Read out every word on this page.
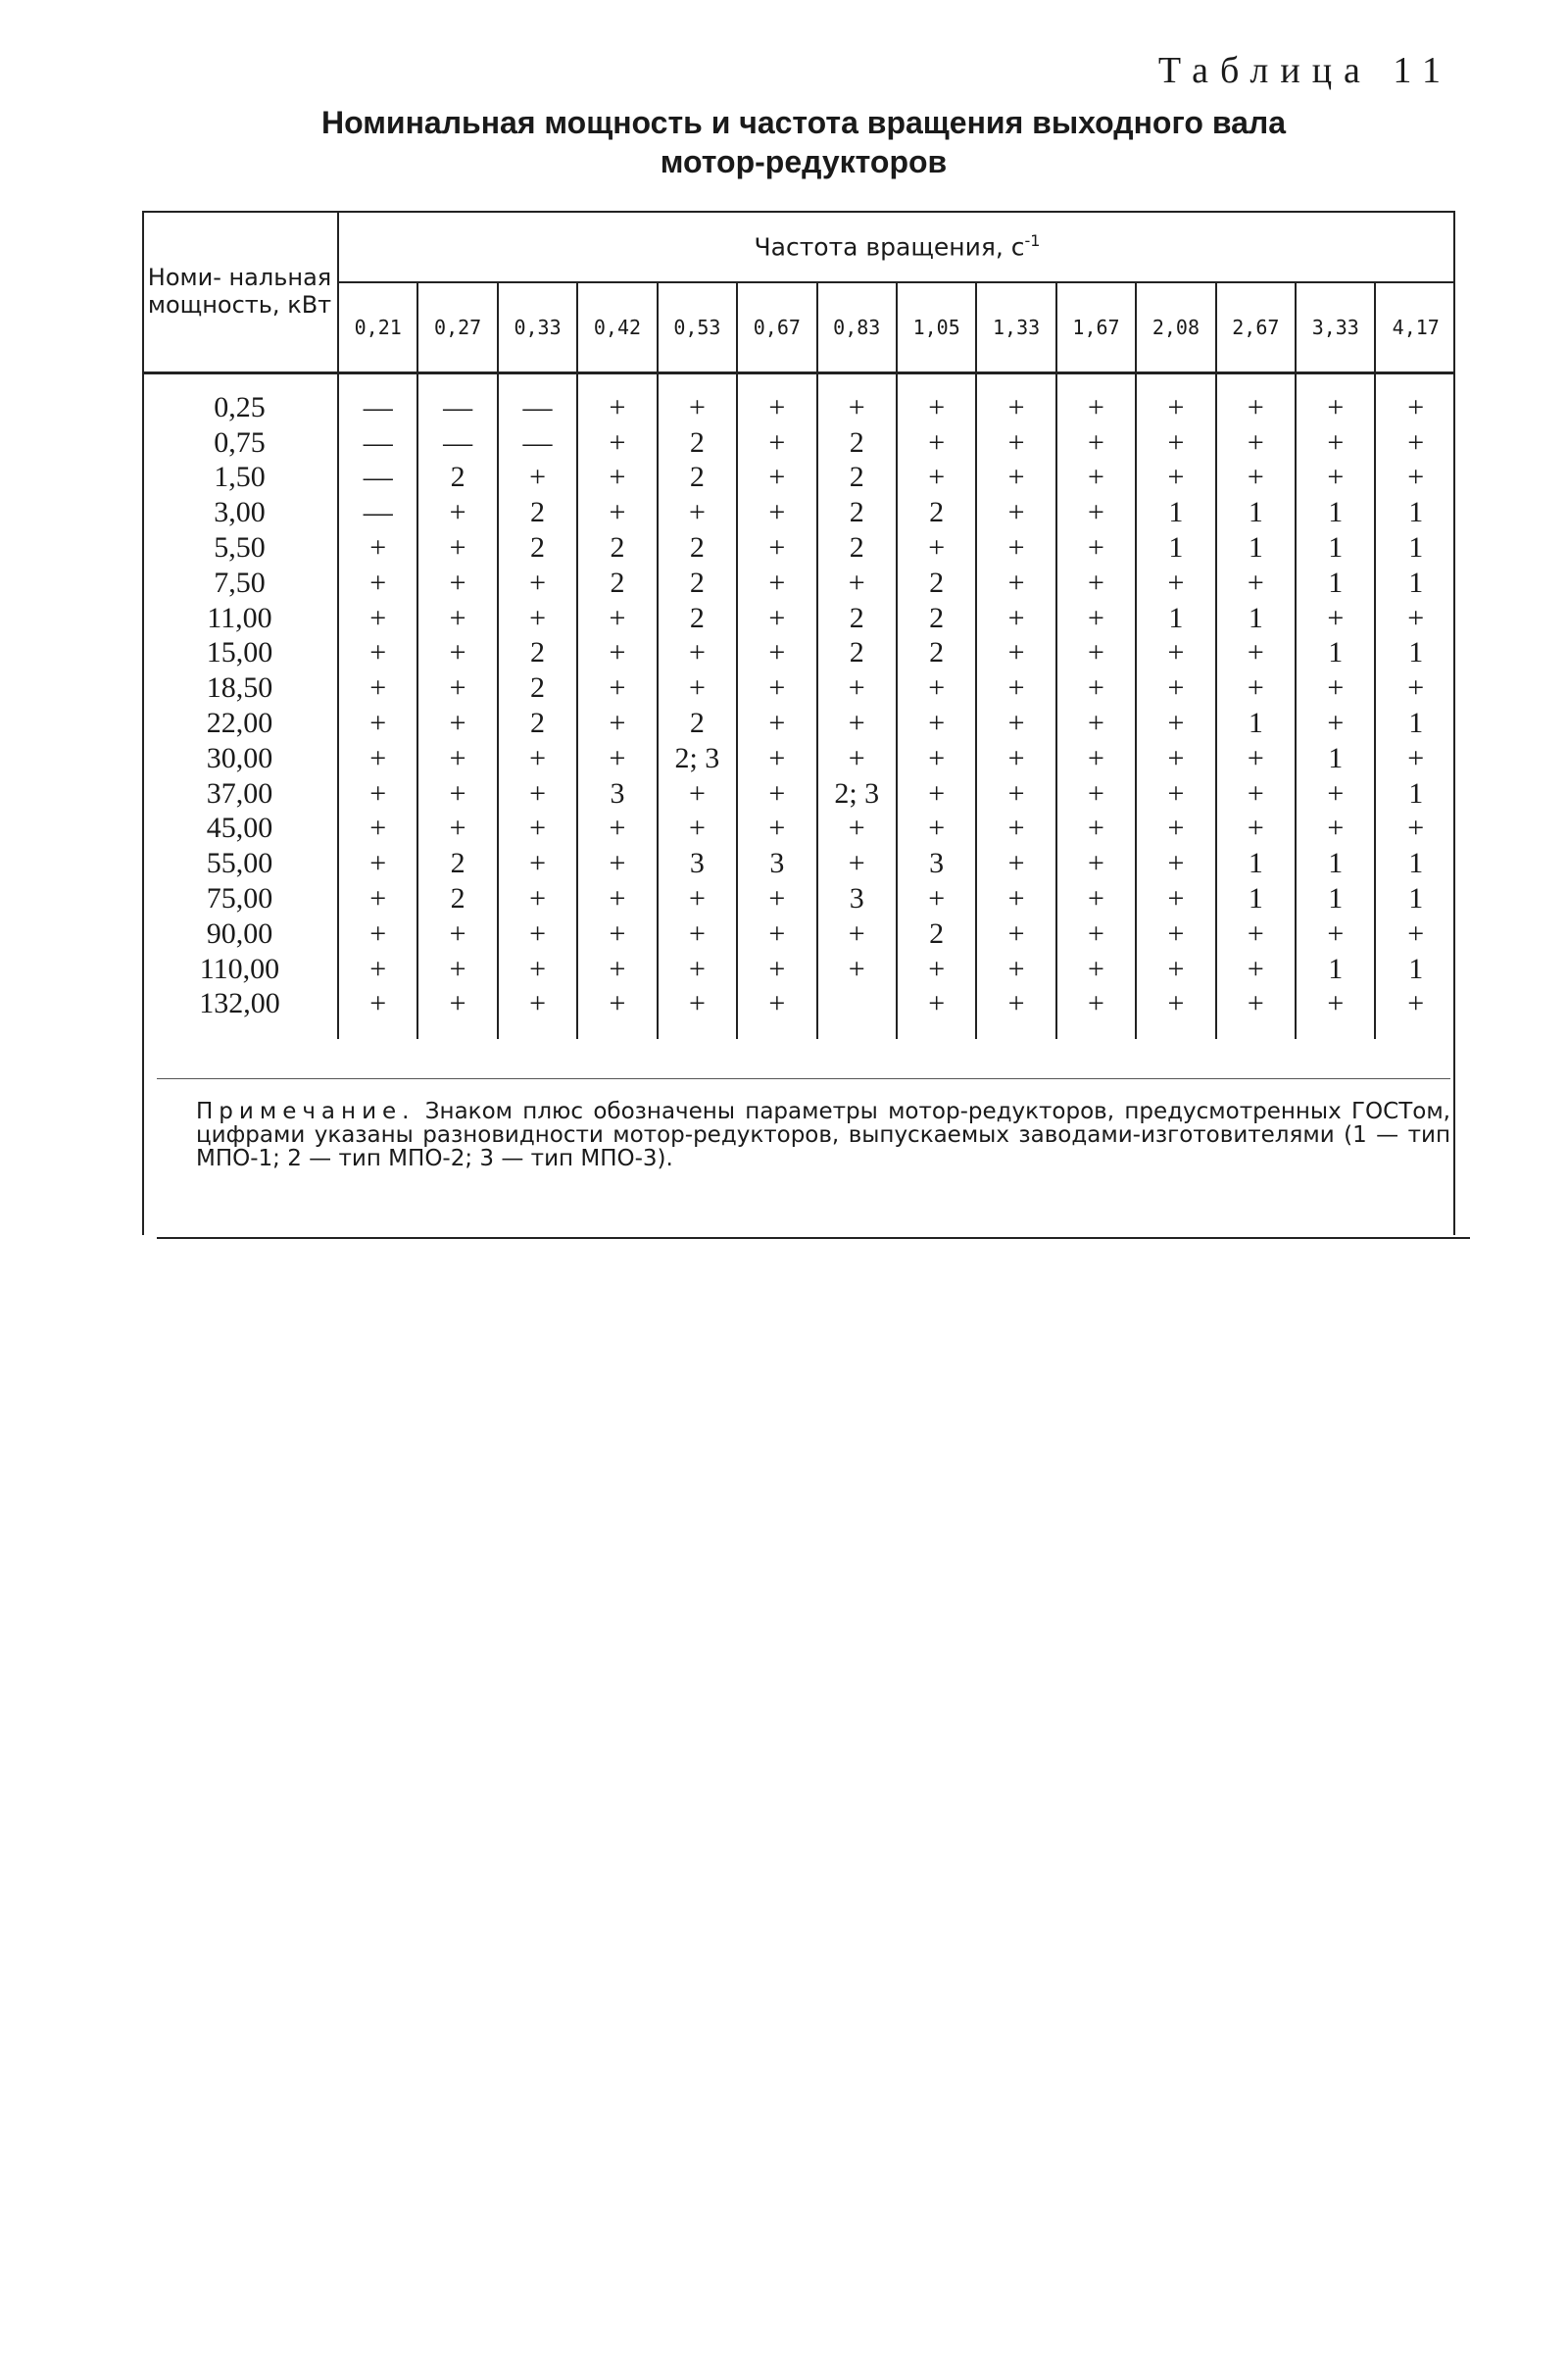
Таблица 11
Номинальная мощность и частота вращения выходного вала
мотор-редукторов
Номи- нальная мощность, кВт	Частота вращения, $с^{-1}$
	0,21	0,27	0,33	0,42	0,53	0,67	0,83	1,05	1,33	1,67	2,08	2,67	3,33	4,17
0,25	—	—	—	+	+	+	+	+	+	+	+	+	+	+
0,75	—	—	—	+	2	+	2	+	+	+	+	+	+	+
1,50	—	2	+	+	2	+	2	+	+	+	+	+	+	+
3,00	—	+	2	+	+	+	2	2	+	+	1	1	1	1
5,50	+	+	2	2	2	+	2	+	+	+	1	1	1	1
7,50	+	+	+	2	2	+	+	2	+	+	+	+	1	1
11,00	+	+	+	+	2	+	2	2	+	+	1	1	+	+
15,00	+	+	2	+	+	+	2	2	+	+	+	+	1	1
18,50	+	+	2	+	+	+	+	+	+	+	+	+	+	+
22,00	+	+	2	+	2	+	+	+	+	+	+	1	+	1
30,00	+	+	+	+	2; 3	+	+	+	+	+	+	+	1	+
37,00	+	+	+	3	+	+	2; 3	+	+	+	+	+	+	1
45,00	+	+	+	+	+	+	+	+	+	+	+	+	+	+
55,00	+	2	+	+	3	3	+	3	+	+	+	1	1	1
75,00	+	2	+	+	+	+	3	+	+	+	+	1	1	1
90,00	+	+	+	+	+	+	+	2	+	+	+	+	+	+
110,00	+	+	+	+	+	+	+	+	+	+	+	+	1	1
132,00	+	+	+	+	+	+		+	+	+	+	+	+	+
Примечание. Знаком плюс обозначены параметры мотор-редукторов, предусмотренных ГОСТом, цифрами указаны разновидности мотор-редукторов, выпускаемых заводами-изготовителями (1 — тип МПО-1; 2 — тип МПО-2; 3 — тип МПО-3).
